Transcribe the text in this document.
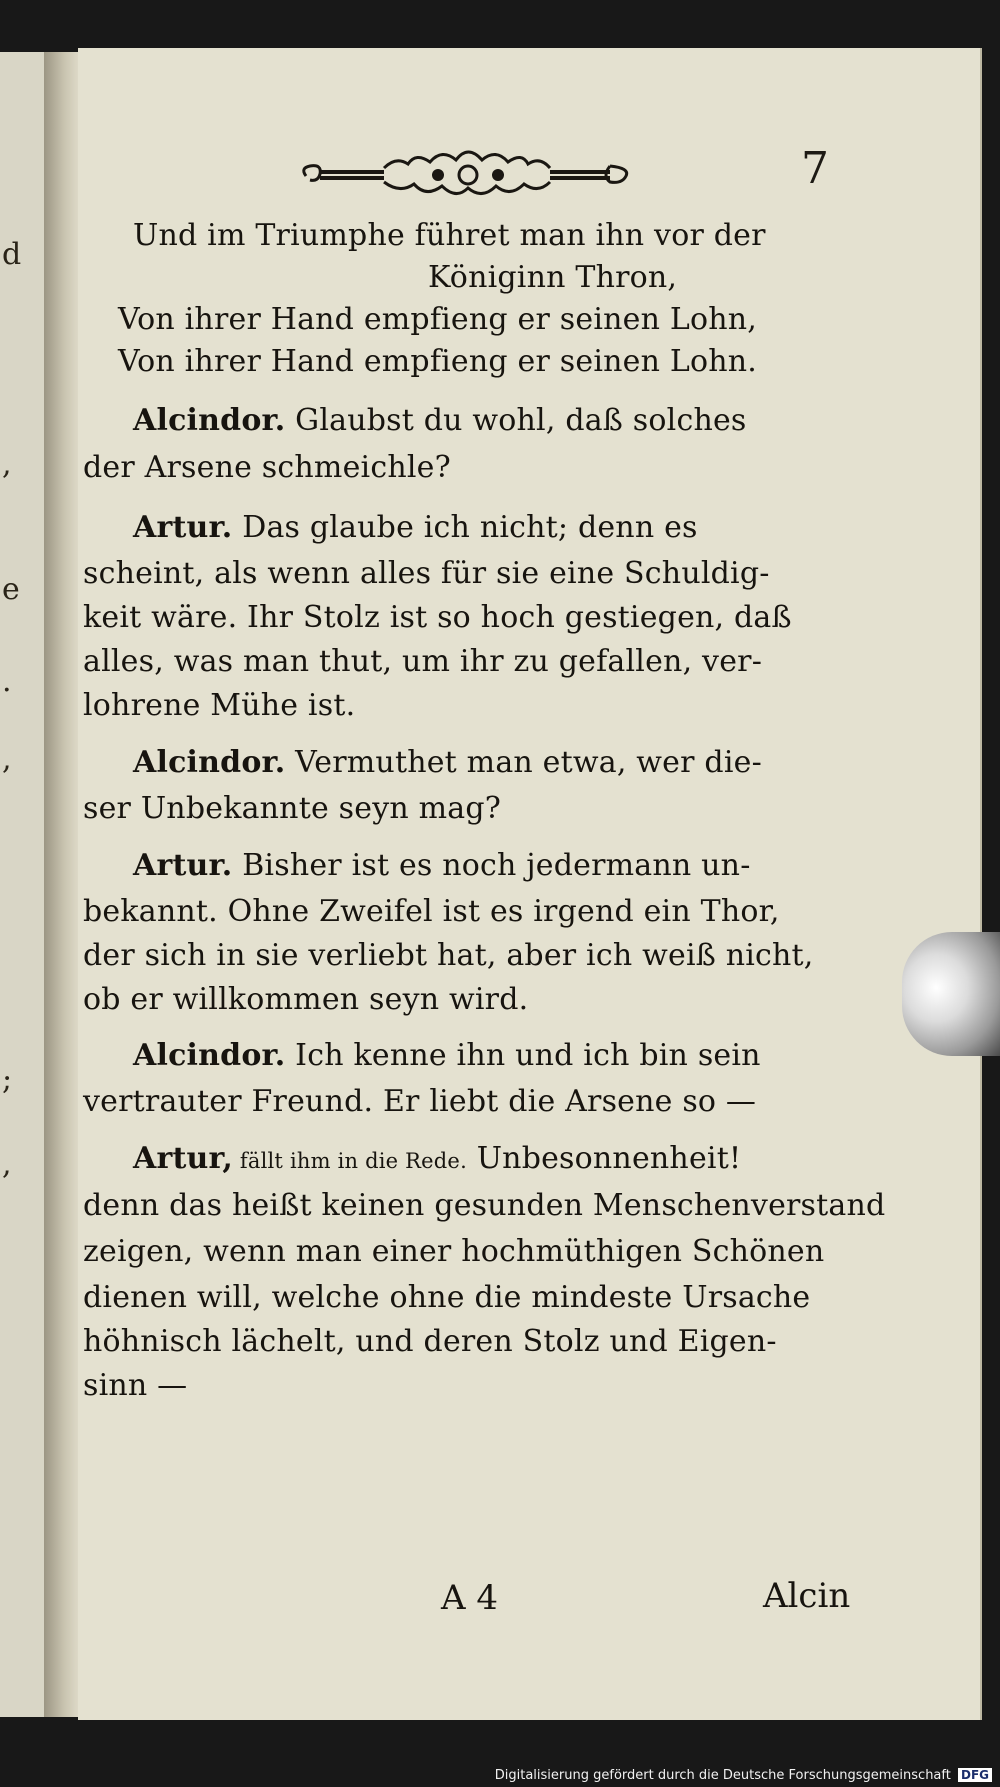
d
,
e
.
,
;
,
7

Und im Triumphe führet man ihn vor der

Königinn Thron,

Von ihrer Hand empfieng er seinen Lohn,

Von ihrer Hand empfieng er seinen Lohn.

Alcindor. Glaubst du wohl, daß solches

der Arsene schmeichle?

Artur. Das glaube ich nicht; denn es

scheint, als wenn alles für sie eine Schuldig-

keit wäre. Ihr Stolz ist so hoch gestiegen, daß

alles, was man thut, um ihr zu gefallen, ver-

lohrene Mühe ist.

Alcindor. Vermuthet man etwa, wer die-

ser Unbekannte seyn mag?

Artur. Bisher ist es noch jedermann un-

bekannt. Ohne Zweifel ist es irgend ein Thor,

der sich in sie verliebt hat, aber ich weiß nicht,

ob er willkommen seyn wird.

Alcindor. Ich kenne ihn und ich bin sein

vertrauter Freund. Er liebt die Arsene so —

Artur, fällt ihm in die Rede. Unbesonnenheit!

denn das heißt keinen gesunden Menschenverstand

zeigen, wenn man einer hochmüthigen Schönen

dienen will, welche ohne die mindeste Ursache

höhnisch lächelt, und deren Stolz und Eigen-

sinn —

A 4	Alcin
Digitalisierung gefördert durch die Deutsche Forschungsgemeinschaft DFG
